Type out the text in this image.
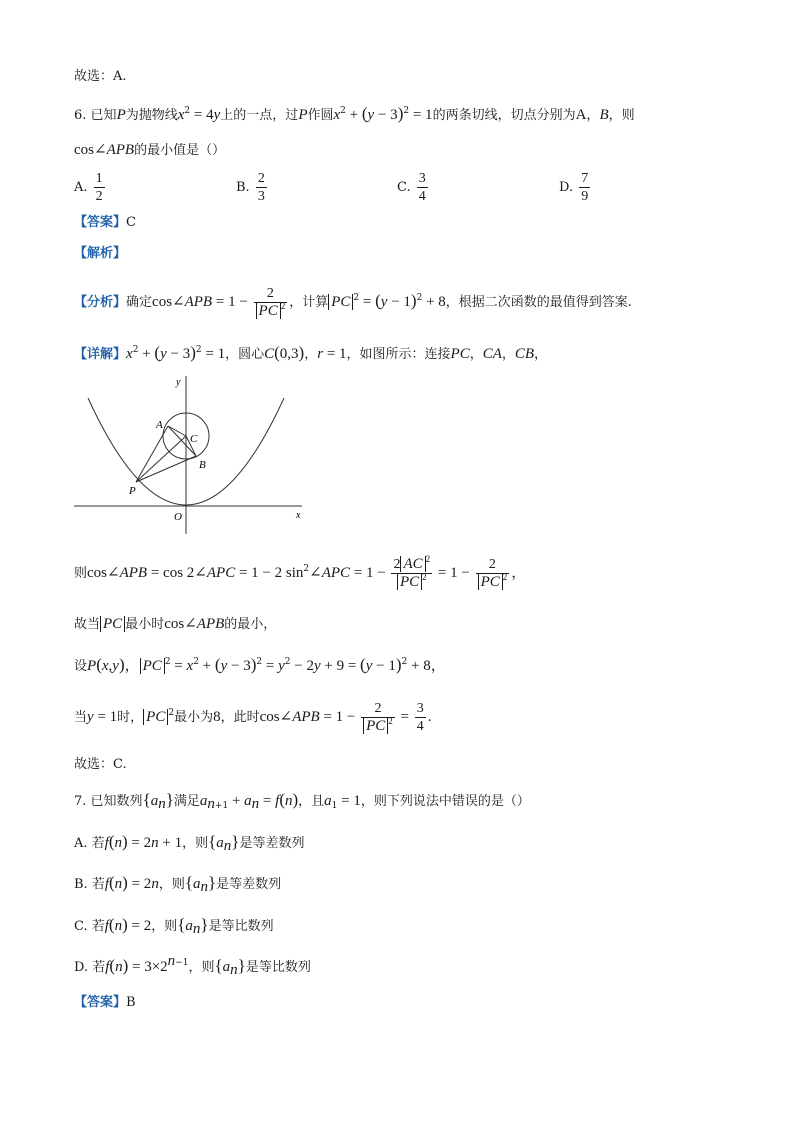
故选：A.
6. 已知P为抛物线$x^2 = 4y$上的一点，过P作圆$x^2 + (y - 3)^2 = 1$的两条切线，切点分别为A，B，则
cos∠APB的最小值是（）
A. $\frac{1}{2}$	B. $\frac{2}{3}$	C. $\frac{3}{4}$	D. $\frac{7}{9}$
【答案】C
【解析】
【分析】确定cos∠APB = $1 - \frac{2}{PC ^2}$ ，计算 PC $^2 = (y - 1)^2 + 8$，根据二次函数的最值得到答案.
【详解】$x^2 + (y - 3)^2 = 1$，圆心C(0,3)，r = 1，如图所示：连接PC，CA，CB，
y
x
O
A
B
C
P
则cos∠APB = cos 2∠APC = 1 − 2 $\sin^2\angle APC = 1 - \frac{2 AC ^2}{PC ^2} = 1 - \frac{2}{PC ^2}$ ，
故当 PC 最小时cos∠APB的最小，
设P(x,y)， PC $^2 = x^2 + (y - 3)^2 = y^2 - 2y + 9 = (y - 1)^2 + 8$，
当y = 1时， PC $^2$最小为8，此时cos∠APB = $1 - \frac{2}{PC ^2} = \frac{3}{4}$ .
故选：C.
7. 已知数列$\{a_n\}$满足$a_{n+1} + a_n = f(n)$，且$a_1 = 1$，则下列说法中错误的是（）
A. 若f(n) = 2n + 1，则$\{a_n\}$是等差数列
B. 若f(n) = 2n，则$\{a_n\}$是等差数列
C. 若f(n) = 2，则$\{a_n\}$是等比数列
D. 若$f(n) = 3\times 2^{n-1}$，则$\{a_n\}$是等比数列
【答案】B
